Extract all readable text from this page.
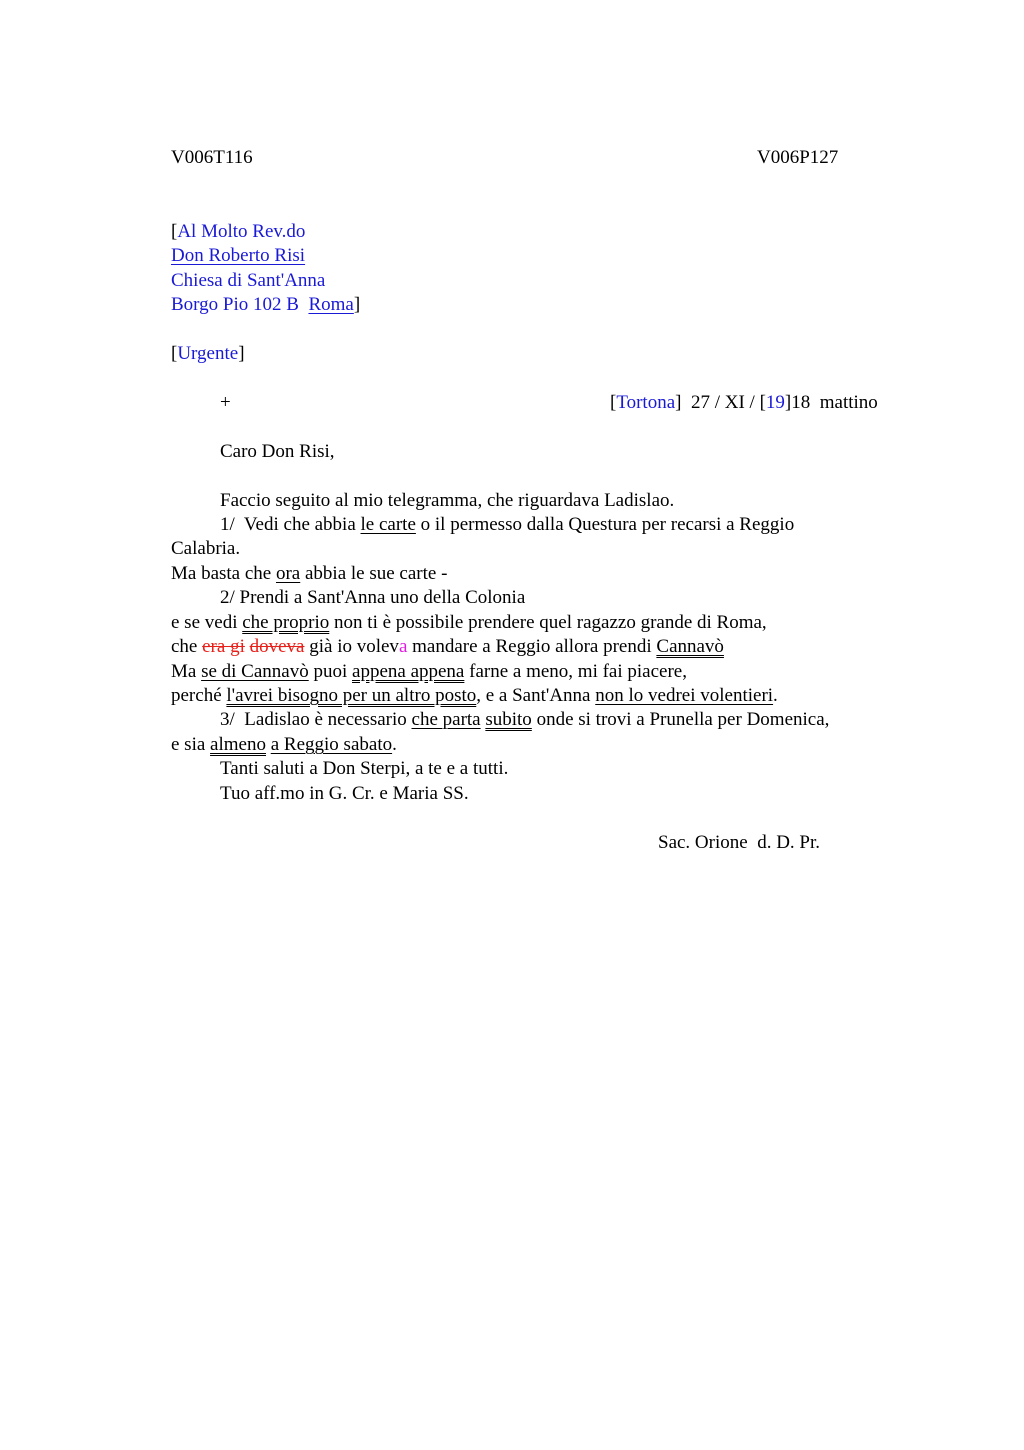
V006T116	V006P127
[Al Molto Rev.do
Don Roberto Risi
Chiesa di Sant'Anna
Borgo Pio 102 B Roma]
[Urgente]
+	[Tortona]  27 / XI / [19]18  mattino
Caro Don Risi,
Faccio seguito al mio telegramma, che riguardava Ladislao.
1/  Vedi che abbia le carte o il permesso dalla Questura per recarsi a Reggio
Calabria.
Ma basta che ora abbia le sue carte -
2/ Prendi a Sant'Anna uno della Colonia
e se vedi che proprio non ti è possibile prendere quel ragazzo grande di Roma,
che era gi doveva già io voleva mandare a Reggio allora prendi Cannavò
Ma se di Cannavò puoi appena appena farne a meno, mi fai piacere,
perché l'avrei bisogno per un altro posto, e a Sant'Anna non lo vedrei volentieri.
3/  Ladislao è necessario che parta subito onde si trovi a Prunella per Domenica,
e sia almeno a Reggio sabato.
Tanti saluti a Don Sterpi, a te e a tutti.
Tuo aff.mo in G. Cr. e Maria SS.
Sac. Orione  d. D. Pr.
